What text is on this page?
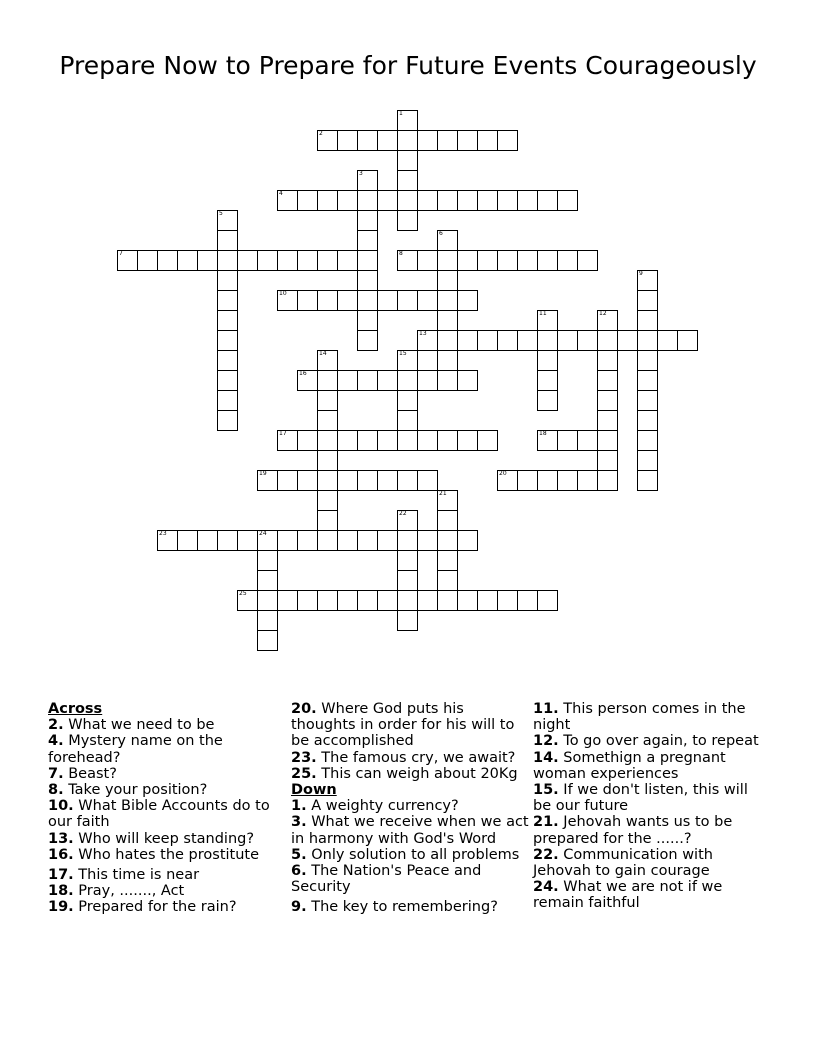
Prepare Now to Prepare for Future Events Courageously
1
2
3
4
5
6
7	8
9
10
11	12
13
14	15
16
17	18
19	20
21
22
23	24
25
Across
2. What we need to be
4. Mystery name on the forehead?
7. Beast?
8. Take your position?
10. What Bible Accounts do to our faith
13. Who will keep standing?
16. Who hates the prostitute
17. This time is near
18. Pray, ......., Act
19. Prepared for the rain?
20. Where God puts his thoughts in order for his will to be accomplished
23. The famous cry, we await?
25. This can weigh about 20Kg
Down
1. A weighty currency?
3. What we receive when we act in harmony with God's Word
5. Only solution to all problems
6. The Nation's Peace and Security
9. The key to remembering?
11. This person comes in the night
12. To go over again, to repeat
14. Somethign a pregnant woman experiences
15. If we don't listen, this will be our future
21. Jehovah wants us to be prepared for the ......?
22. Communication with Jehovah to gain courage
24. What we are not if we remain faithful
